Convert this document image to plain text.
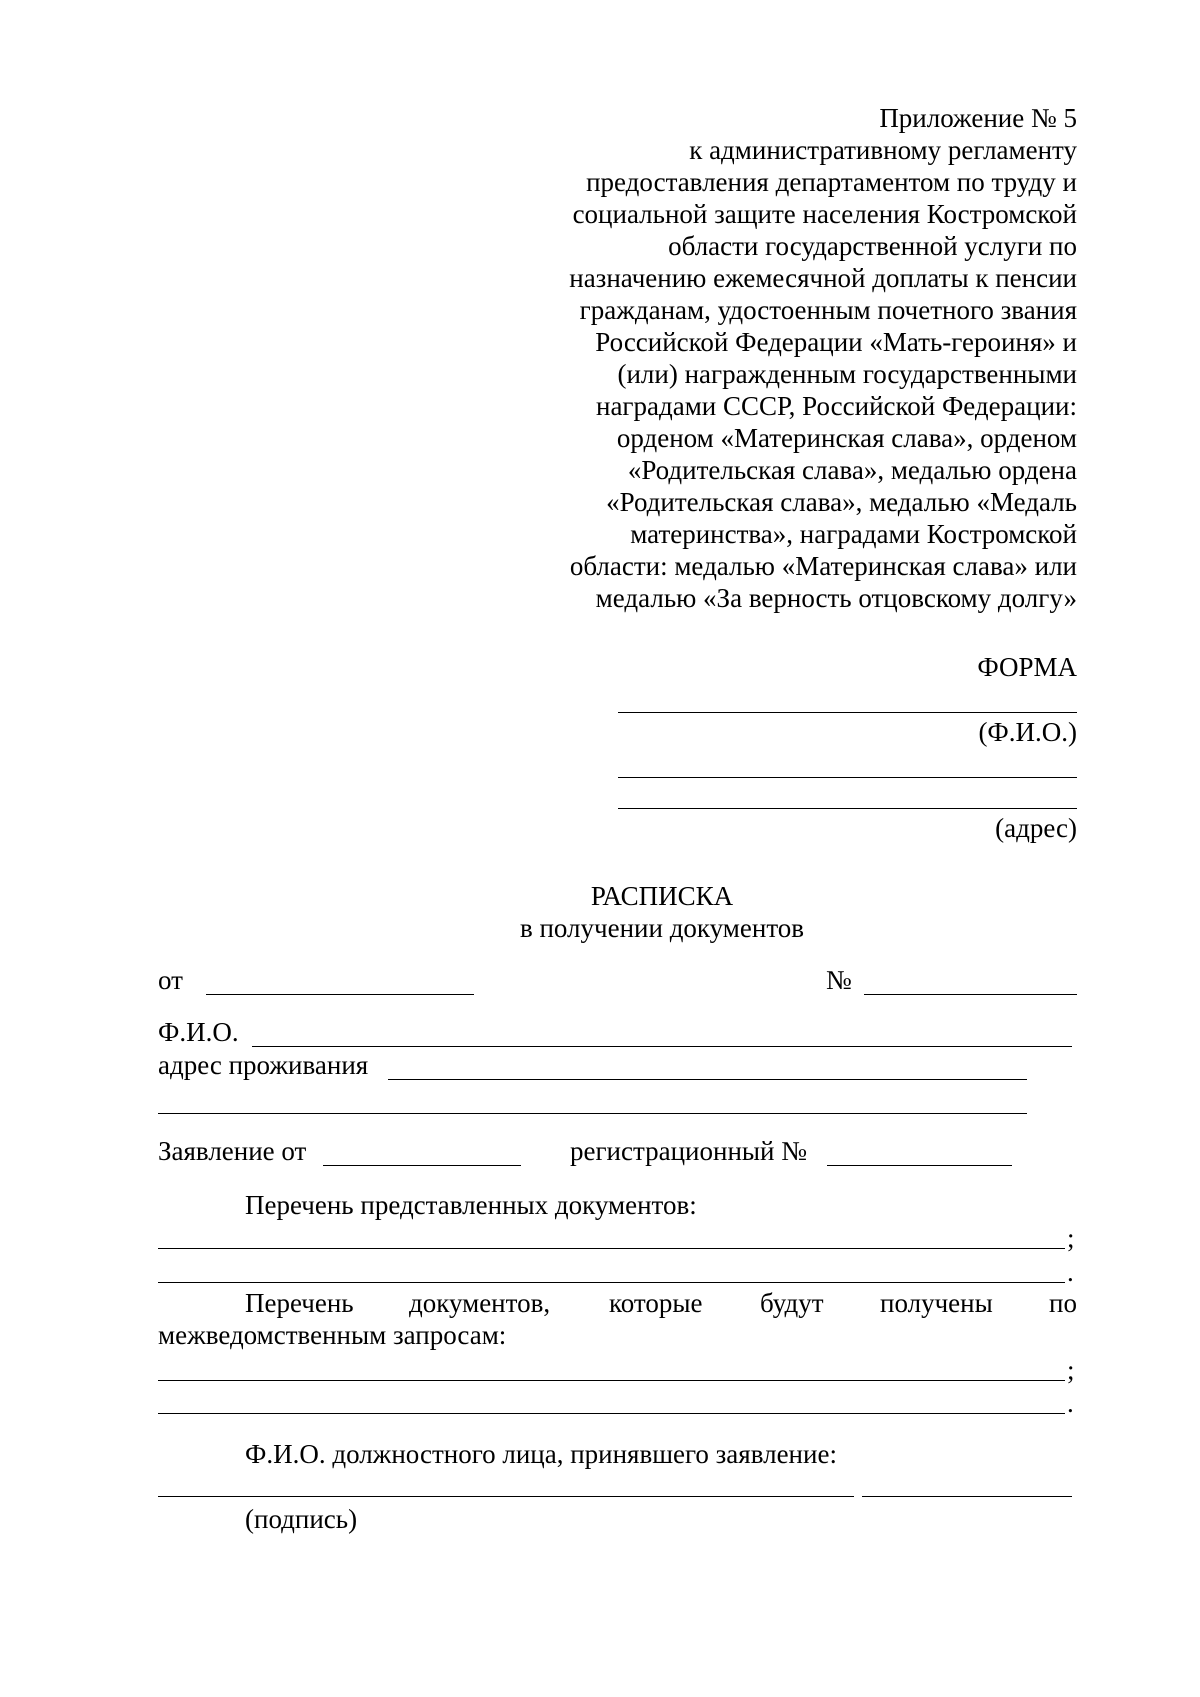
Приложение № 5
к административному регламенту
предоставления департаментом по труду и
социальной защите населения Костромской
области государственной услуги по
назначению ежемесячной доплаты к пенсии
гражданам, удостоенным почетного звания
Российской Федерации «Мать-героиня» и
(или) награжденным государственными
наградами СССР, Российской Федерации:
орденом «Материнская слава», орденом
«Родительская слава», медалью ордена
«Родительская слава», медалью «Медаль
материнства», наградами Костромской
области: медалью «Материнская слава» или
медалью «За верность отцовскому долгу»
ФОРМА
(Ф.И.О.)
(адрес)
РАСПИСКА
в получении документов
от	№
Ф.И.О.
адрес проживания
Заявление от	регистрационный №
Перечень представленных документов:
;
.
Перечень документов, которые будут получены по
межведомственным запросам:
;
.
Ф.И.О. должностного лица, принявшего заявление:
(подпись)
